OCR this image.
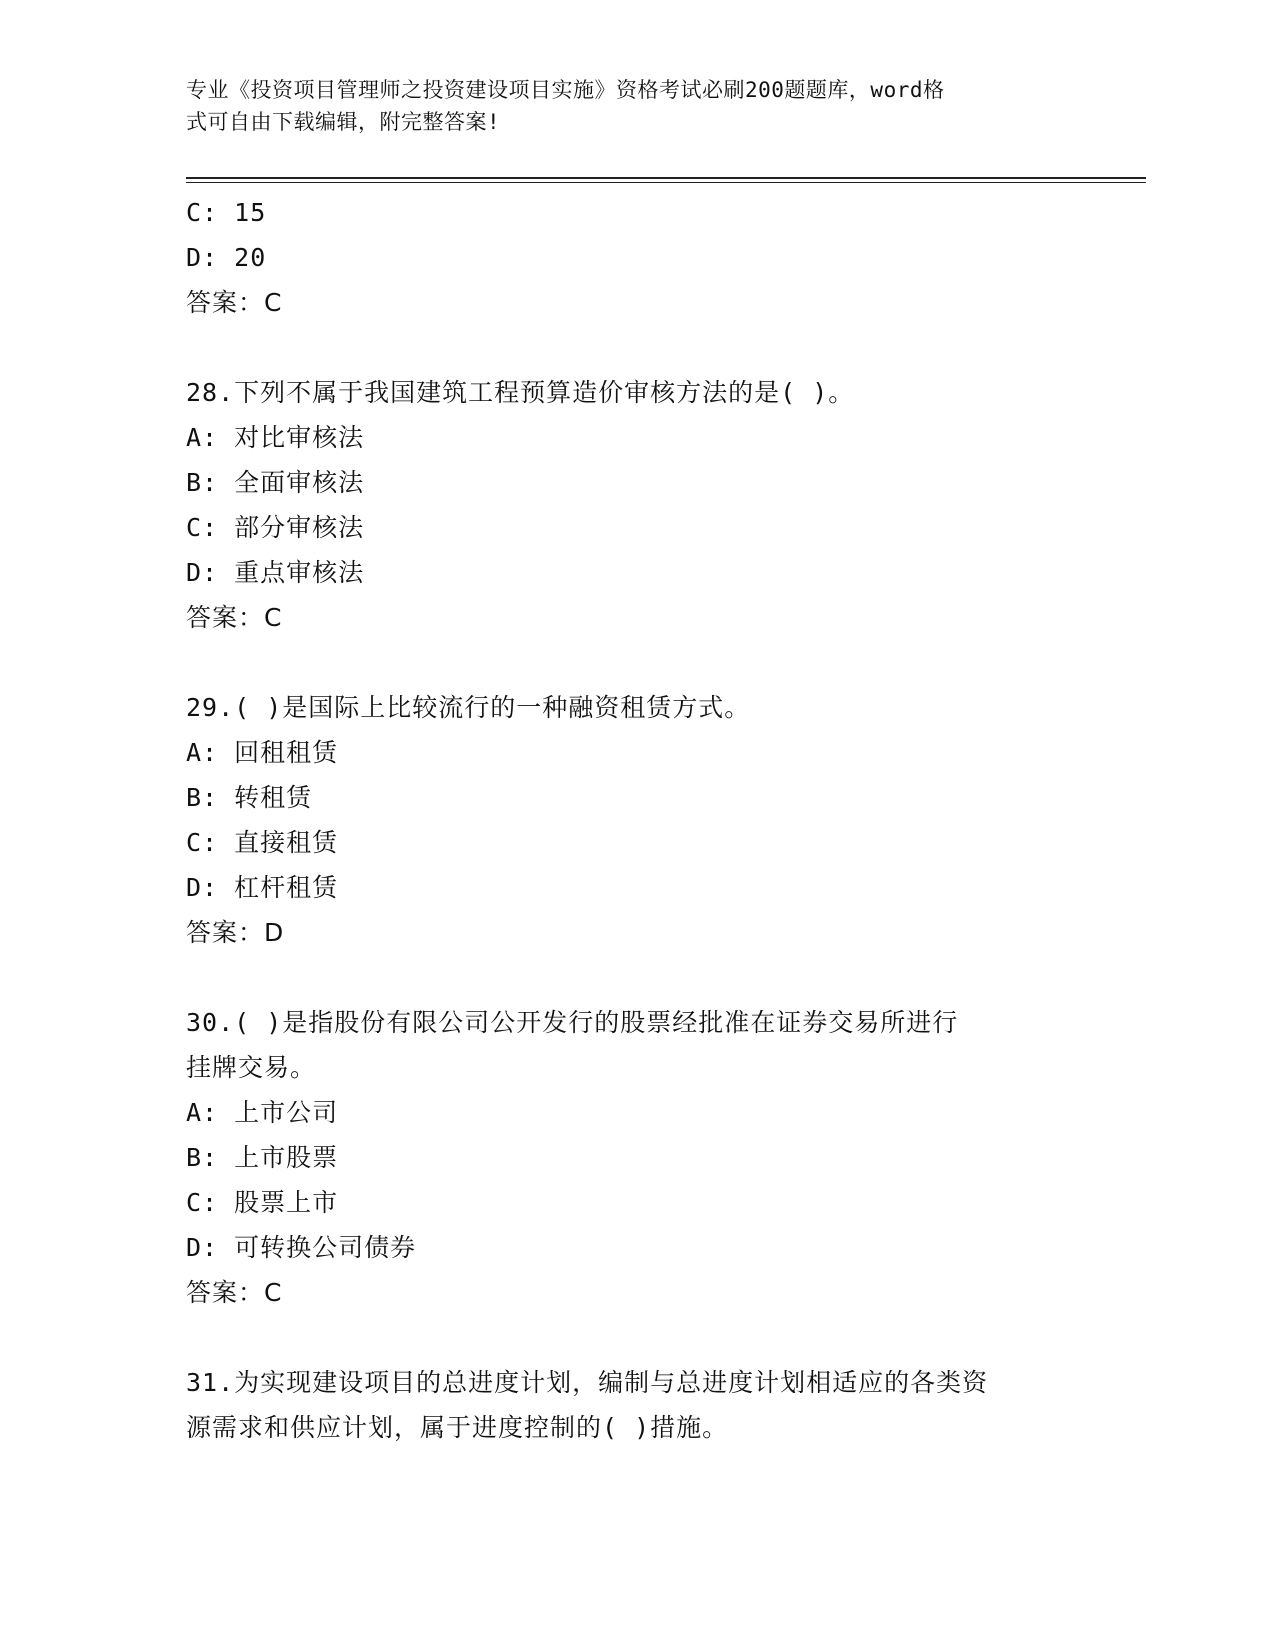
专业《投资项目管理师之投资建设项目实施》资格考试必刷200题题库，word格
式可自由下载编辑，附完整答案!
C: 15
D: 20
答案：C
28.下列不属于我国建筑工程预算造价审核方法的是( )。
A: 对比审核法
B: 全面审核法
C: 部分审核法
D: 重点审核法
答案：C
29.( )是国际上比较流行的一种融资租赁方式。
A: 回租租赁
B: 转租赁
C: 直接租赁
D: 杠杆租赁
答案：D
30.( )是指股份有限公司公开发行的股票经批准在证券交易所进行
挂牌交易。
A: 上市公司
B: 上市股票
C: 股票上市
D: 可转换公司债券
答案：C
31.为实现建设项目的总进度计划，编制与总进度计划相适应的各类资
源需求和供应计划，属于进度控制的( )措施。
